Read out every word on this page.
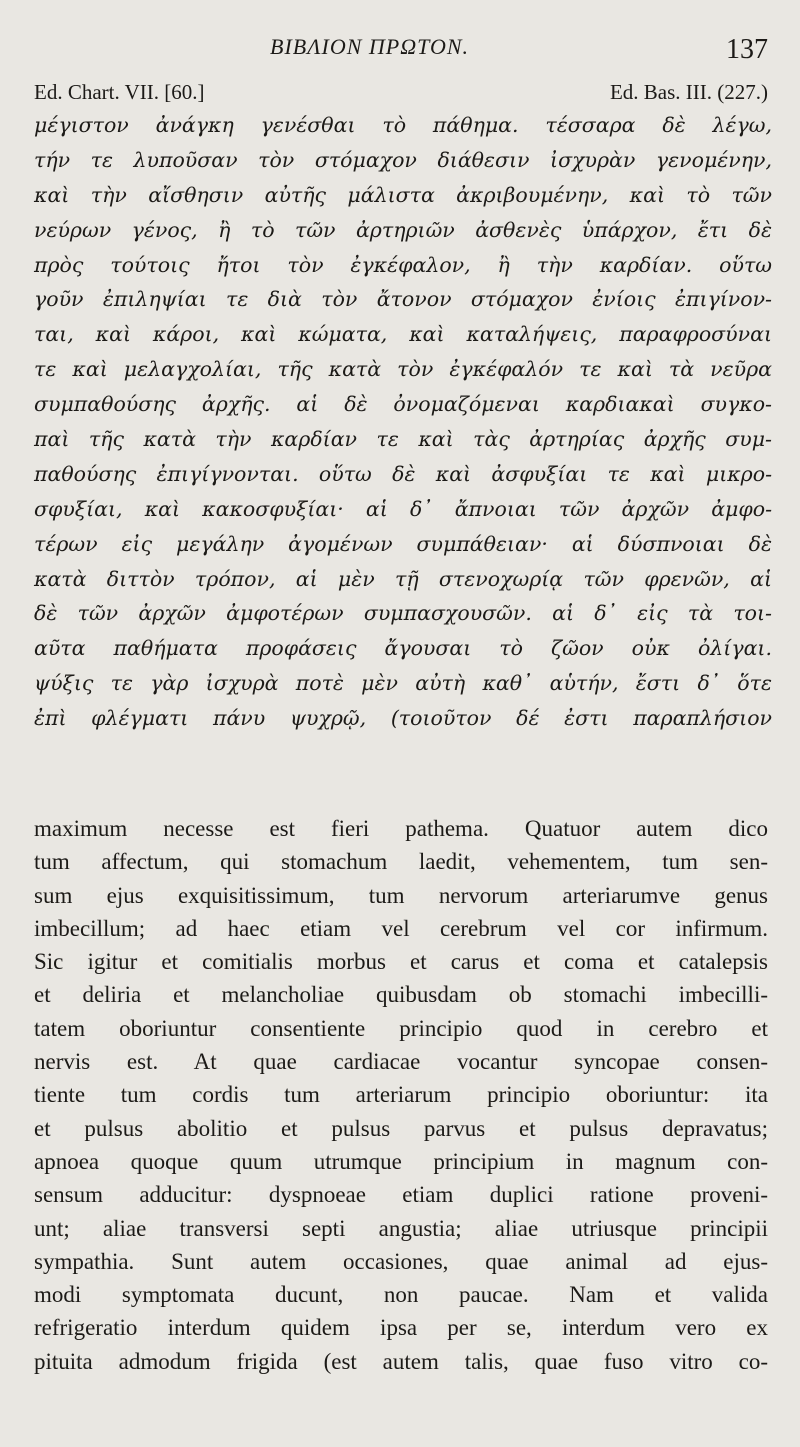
BIBΛΙΟΝ ΠΡΩΤΟΝ.	137
Ed. Chart. VII. [60.]	Ed. Bas. III. (227.)
μέγιστον ἀνάγκη γενέσθαι τὸ πάθημα. τέσσαρα δὲ λέγω,
τήν τε λυποῦσαν τὸν στόμαχον διάθεσιν ἰσχυρὰν γενομένην,
καὶ τὴν αἴσθησιν αὐτῆς μάλιστα ἀκριβουμένην, καὶ τὸ τῶν
νεύρων γένος, ἢ τὸ τῶν ἀρτηριῶν ἀσθενὲς ὑπάρχον, ἔτι δὲ
πρὸς τούτοις ἤτοι τὸν ἐγκέφαλον, ἢ τὴν καρδίαν. οὕτω
γοῦν ἐπιληψίαι τε διὰ τὸν ἄτονον στόμαχον ἐνίοις ἐπιγίνον-
ται, καὶ κάροι, καὶ κώματα, καὶ καταλήψεις, παραφροσύναι
τε καὶ μελαγχολίαι, τῆς κατὰ τὸν ἐγκέφαλόν τε καὶ τὰ νεῦρα
συμπαθούσης ἀρχῆς. αἱ δὲ ὀνομαζόμεναι καρδιακαὶ συγκο-
παὶ τῆς κατὰ τὴν καρδίαν τε καὶ τὰς ἀρτηρίας ἀρχῆς συμ-
παθούσης ἐπιγίγνονται. οὕτω δὲ καὶ ἀσφυξίαι τε καὶ μικρο-
σφυξίαι, καὶ κακοσφυξίαι· αἱ δ᾽ ἄπνοιαι τῶν ἀρχῶν ἀμφο-
τέρων εἰς μεγάλην ἀγομένων συμπάθειαν· αἱ δύσπνοιαι δὲ
κατὰ διττὸν τρόπον, αἱ μὲν τῇ στενοχωρίᾳ τῶν φρενῶν, αἱ
δὲ τῶν ἀρχῶν ἀμφοτέρων συμπασχουσῶν. αἱ δ᾽ εἰς τὰ τοι-
αῦτα παθήματα προφάσεις ἄγουσαι τὸ ζῶον οὐκ ὀλίγαι.
ψύξις τε γὰρ ἰσχυρὰ ποτὲ μὲν αὐτὴ καθ᾽ αὑτήν, ἔστι δ᾽ ὅτε
ἐπὶ φλέγματι πάνυ ψυχρῷ, (τοιοῦτον δέ ἐστι παραπλήσιον
maximum necesse est fieri pathema. Quatuor autem dico
tum affectum, qui stomachum laedit, vehementem, tum sen-
sum ejus exquisitissimum, tum nervorum arteriarumve genus
imbecillum; ad haec etiam vel cerebrum vel cor infirmum.
Sic igitur et comitialis morbus et carus et coma et catalepsis
et deliria et melancholiae quibusdam ob stomachi imbecilli-
tatem oboriuntur consentiente principio quod in cerebro et
nervis est. At quae cardiacae vocantur syncopae consen-
tiente tum cordis tum arteriarum principio oboriuntur: ita
et pulsus abolitio et pulsus parvus et pulsus depravatus;
apnoea quoque quum utrumque principium in magnum con-
sensum adducitur: dyspnoeae etiam duplici ratione proveni-
unt; aliae transversi septi angustia; aliae utriusque principii
sympathia. Sunt autem occasiones, quae animal ad ejus-
modi symptomata ducunt, non paucae. Nam et valida
refrigeratio interdum quidem ipsa per se, interdum vero ex
pituita admodum frigida (est autem talis, quae fuso vitro co-
